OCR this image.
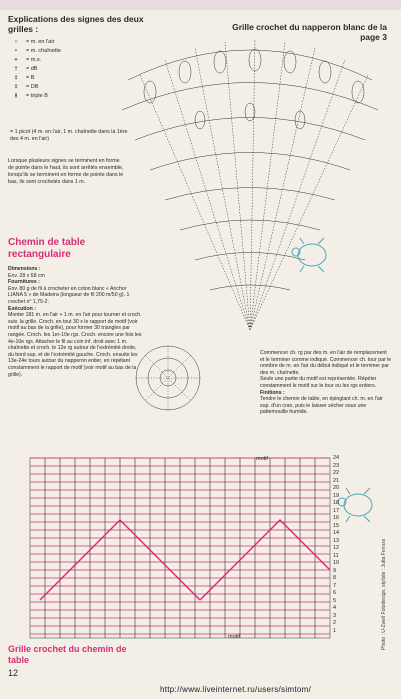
Explications des signes des deux grilles :
○	= m. en l'air
•	= m. chaînette
+	= m.s.
†	= dB
‡	= B
‡	= DB
⫲	= triple B
= 1 picot (4 m. en l'air, 1 m. chaînette dans la 1ère des 4 m. en l'air)
Lorsque plusieurs signes se terminent en forme de pointe dans le haut, ils sont arrêtés ensemble, lorsqu'ils se terminent en forme de pointe dans le bas, ils sont crochetés dans 1 m.
Grille crochet du napperon blanc de la page 3
Chemin de table rectangulaire
Dimensions :
Env. 28 x 68 cm
Fournitures :
Env. 80 g de fil à crocheter en coton blanc « Anchor LIANA 5 » de Madeira (longueur de fil 200 m/50 g). 1 crochet n° 1,75-2.
Exécution :
Monter 181 m. en l'air + 1 m. en l'air pour tourner et croch. suiv. la grille. Croch. en tout 30 x le rapport de motif (voir motif au bas de la grille), pour former 30 triangles par rangée. Croch. les 1er-10e rgs. Croch. encore une fois les 4e-10e rgs. Attacher le fil au coin inf. droit avec 1 m. chaînette et croch. le 12e rg autour de l'extrémité droite, du bord sup. et de l'extrémité gauche. Croch. ensuite les 13e-24e tours autour du napperon entier, en répétant constamment le rapport de motif (voir motif au bas de la grille).
Commencer ch. rg par des m. en l'air de remplacement et le terminer comme indiqué. Commencer ch. tour par le nombre de m. en l'air du début indiqué et le terminer par des m. chaînette.
Seule une partie du motif est représentée. Répéter constamment le motif sur le tour ou les rgs entiers.
Finitions :
Tendre le chemin de table, en épinglant ch. m. en l'air sup. d'un cran, puis le laisser sécher sous une pattemouille humide.
motif
motif
24
23
22
21
20
19
18
17
16
15
14
13
12
11
10
9
8
7
6
5
4
3
2
1
Grille crochet du chemin de table
12
http://www.liveinternet.ru/users/simtom/
Photo : U-Zweil Fotodesign, styliste : Jutta Ferrara
